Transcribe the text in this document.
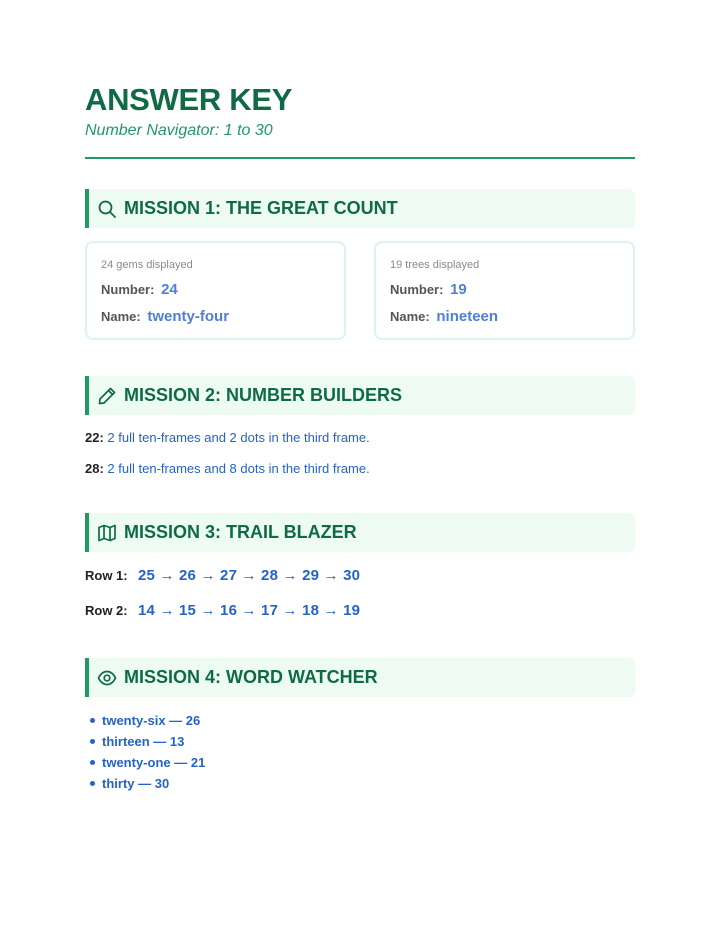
ANSWER KEY
Number Navigator: 1 to 30
MISSION 1: THE GREAT COUNT
24 gems displayed
Number: 24
Name: twenty-four
19 trees displayed
Number: 19
Name: nineteen
MISSION 2: NUMBER BUILDERS
22: 2 full ten-frames and 2 dots in the third frame.
28: 2 full ten-frames and 8 dots in the third frame.
MISSION 3: TRAIL BLAZER
Row 1: 25 → 26 → 27 → 28 → 29 → 30
Row 2: 14 → 15 → 16 → 17 → 18 → 19
MISSION 4: WORD WATCHER
twenty-six — 26
thirteen — 13
twenty-one — 21
thirty — 30
